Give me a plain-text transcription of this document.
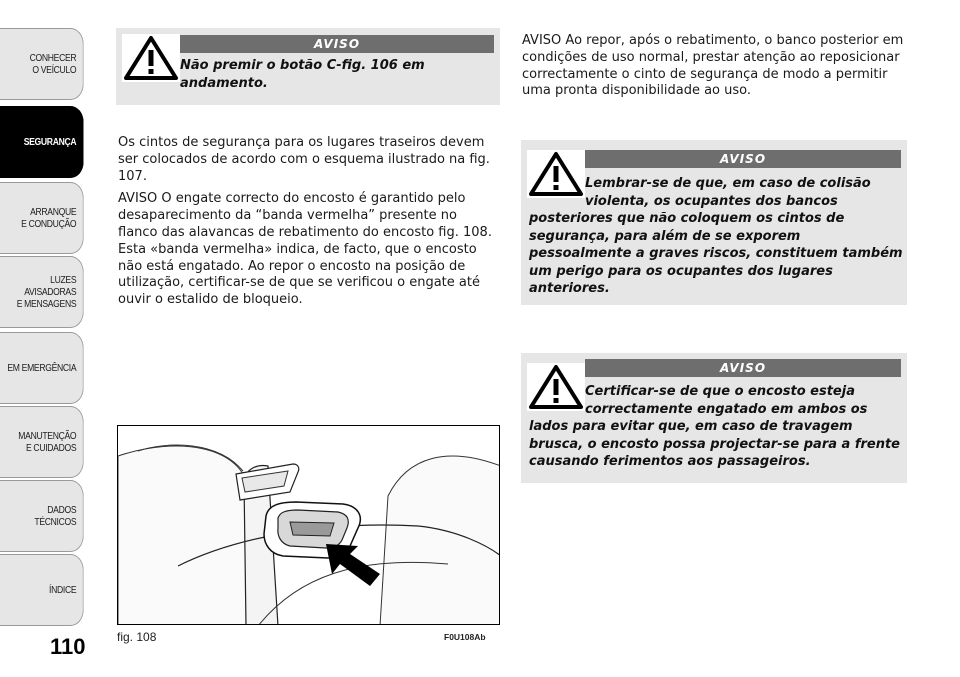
CONHECER
O VEÍCULO
SEGURANÇA
ARRANQUE
E CONDUÇÃO
LUZES
AVISADORAS
E MENSAGENS
EM EMERGÊNCIA
MANUTENÇÃO
E CUIDADOS
DADOS
TÉCNICOS
ÍNDICE
110
AVISO
Não premir o botão C-fig. 106 em
andamento.

Os cintos de segurança para os lugares traseiros devem ser colocados de acordo com o esquema ilustrado na fig. 107.

AVISO O engate correcto do encosto é garantido pelo desaparecimento da “banda vermelha” presente no flanco das alavancas de rebatimento do encosto fig. 108. Esta «banda vermelha» indica, de facto, que o encosto não está engatado. Ao repor o encosto na posição de utilização, certificar-se de que se verificou o engate até ouvir o estalido de bloqueio.

AVISO Ao repor, após o rebatimento, o banco posterior em condições de uso normal, prestar atenção ao reposicionar correctamente o cinto de segurança de modo a permitir uma pronta disponibilidade ao uso.

AVISO
Lembrar-se de que, em caso de colisão violenta, os ocupantes dos bancos
posteriores que não coloquem os cintos de segurança, para além de se exporem pessoalmente a graves riscos, constituem também um perigo para os ocupantes dos lugares anteriores.
AVISO
Certificar-se de que o encosto esteja correctamente engatado em ambos os
lados para evitar que, em caso de travagem brusca, o encosto possa projectar-se para a frente causando ferimentos aos passageiros.
fig. 108	F0U108Ab
